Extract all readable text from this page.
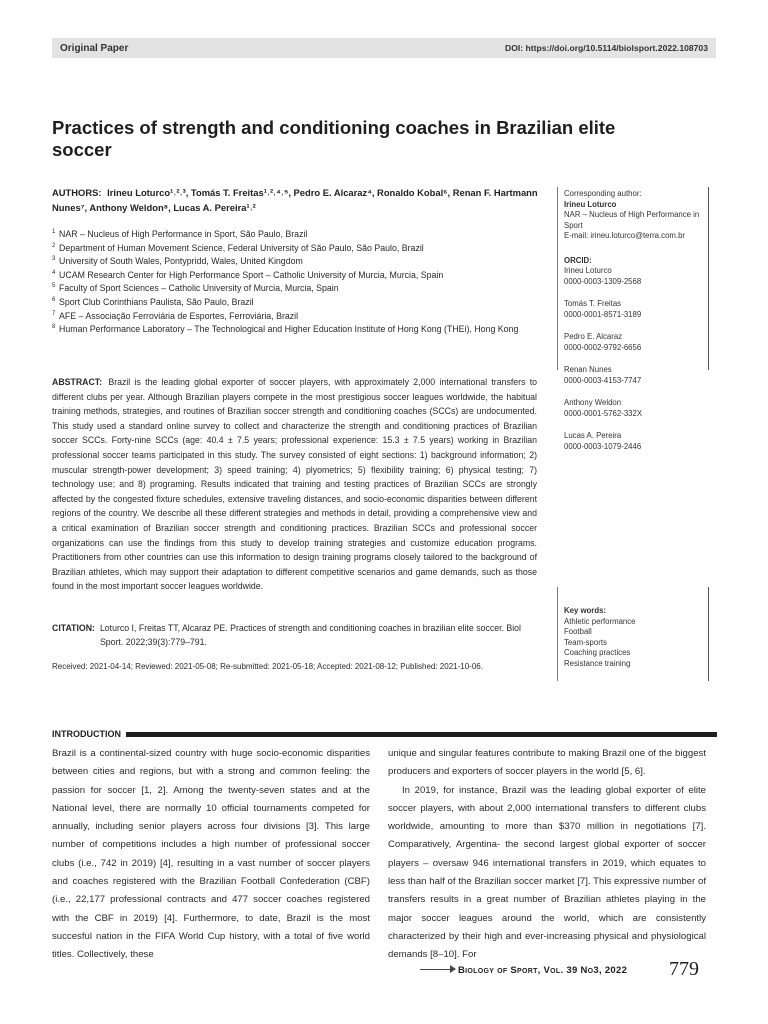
Original Paper	DOI: https://doi.org/10.5114/biolsport.2022.108703
Practices of strength and conditioning coaches in Brazilian elite soccer
AUTHORS: Irineu Loturco¹˒²˒³, Tomás T. Freitas¹˒²˒⁴˒⁵, Pedro E. Alcaraz⁴, Ronaldo Kobal⁶, Renan F. Hartmann Nunes⁷, Anthony Weldon⁸, Lucas A. Pereira¹˒²
1 NAR – Nucleus of High Performance in Sport, São Paulo, Brazil
2 Department of Human Movement Science, Federal University of São Paulo, São Paulo, Brazil
3 University of South Wales, Pontypridd, Wales, United Kingdom
4 UCAM Research Center for High Performance Sport – Catholic University of Murcia, Murcia, Spain
5 Faculty of Sport Sciences – Catholic University of Murcia, Murcia, Spain
6 Sport Club Corinthians Paulista, São Paulo, Brazil
7 AFE – Associação Ferroviária de Esportes, Ferroviária, Brazil
8 Human Performance Laboratory – The Technological and Higher Education Institute of Hong Kong (THEi), Hong Kong

ABSTRACT: Brazil is the leading global exporter of soccer players, with approximately 2,000 international transfers to different clubs per year. Although Brazilian players compete in the most prestigious soccer leagues worldwide, the habitual training methods, strategies, and routines of Brazilian soccer strength and conditioning coaches (SCCs) are undocumented. This study used a standard online survey to collect and characterize the strength and conditioning practices of Brazilian soccer SCCs. Forty-nine SCCs (age: 40.4 ± 7.5 years; professional experience: 15.3 ± 7.5 years) working in Brazilian professional soccer teams participated in this study. The survey consisted of eight sections: 1) background information; 2) muscular strength-power development; 3) speed training; 4) plyometrics; 5) flexibility training; 6) physical testing; 7) technology use; and 8) programing. Results indicated that training and testing practices of Brazilian SCCs are strongly affected by the congested fixture schedules, extensive traveling distances, and socio-economic disparities between different regions of the country. We describe all these different strategies and methods in detail, providing a comprehensive view and a critical examination of Brazilian soccer strength and conditioning practices. Brazilian SCCs and professional soccer organizations can use the findings from this study to develop training strategies and customize education programs. Practitioners from other countries can use this information to design training programs closely tailored to the background of Brazilian athletes, which may support their adaptation to different competitive scenarios and game demands, such as those found in the most important soccer leagues worldwide.

CITATION: Loturco I, Freitas TT, Alcaraz PE. Practices of strength and conditioning coaches in brazilian elite soccer. Biol Sport. 2022;39(3):779–791.
Received: 2021-04-14; Reviewed: 2021-05-08; Re-submitted: 2021-05-18; Accepted: 2021-08-12; Published: 2021-10-06.
Corresponding author:
Irineu Loturco
NAR – Nucleus of High Performance in Sport
E-mail: irineu.loturco@terra.com.br
ORCID:
Irineu Loturco
0000-0003-1309-2568
Tomás T. Freitas
0000-0001-8571-3189
Pedro E. Alcaraz
0000-0002-9792-6656
Renan Nunes
0000-0003-4153-7747
Anthony Weldon
0000-0001-5762-332X
Lucas A. Pereira
0000-0003-1079-2446
Key words:
Athletic performance
Football
Team-sports
Coaching practices
Resistance training
INTRODUCTION

Brazil is a continental-sized country with huge socio-economic disparities between cities and regions, but with a strong and common feeling: the passion for soccer [1, 2]. Among the twenty-seven states and at the National level, there are normally 10 official tournaments competed for annually, including senior players across four divisions [3]. This large number of competitions includes a high number of professional soccer clubs (i.e., 742 in 2019) [4], resulting in a vast number of soccer players and coaches registered with the Brazilian Football Confederation (CBF) (i.e., 22,177 professional contracts and 477 soccer coaches registered with the CBF in 2019) [4]. Furthermore, to date, Brazil is the most succesful nation in the FIFA World Cup history, with a total of five world titles. Collectively, these

unique and singular features contribute to making Brazil one of the biggest producers and exporters of soccer players in the world [5, 6].

In 2019, for instance, Brazil was the leading global exporter of elite soccer players, with about 2,000 international transfers to different clubs worldwide, amounting to more than $370 million in negotiations [7]. Comparatively, Argentina- the second largest global exporter of soccer players – oversaw 946 international transfers in 2019, which equates to less than half of the Brazilian soccer market [7]. This expressive number of transfers results in a great number of Brazilian athletes playing in the major soccer leagues around the world, which are consistently characterized by their high and ever-increasing physical and physiological demands [8–10]. For

Biology of Sport, Vol. 39 No3, 2022 779
